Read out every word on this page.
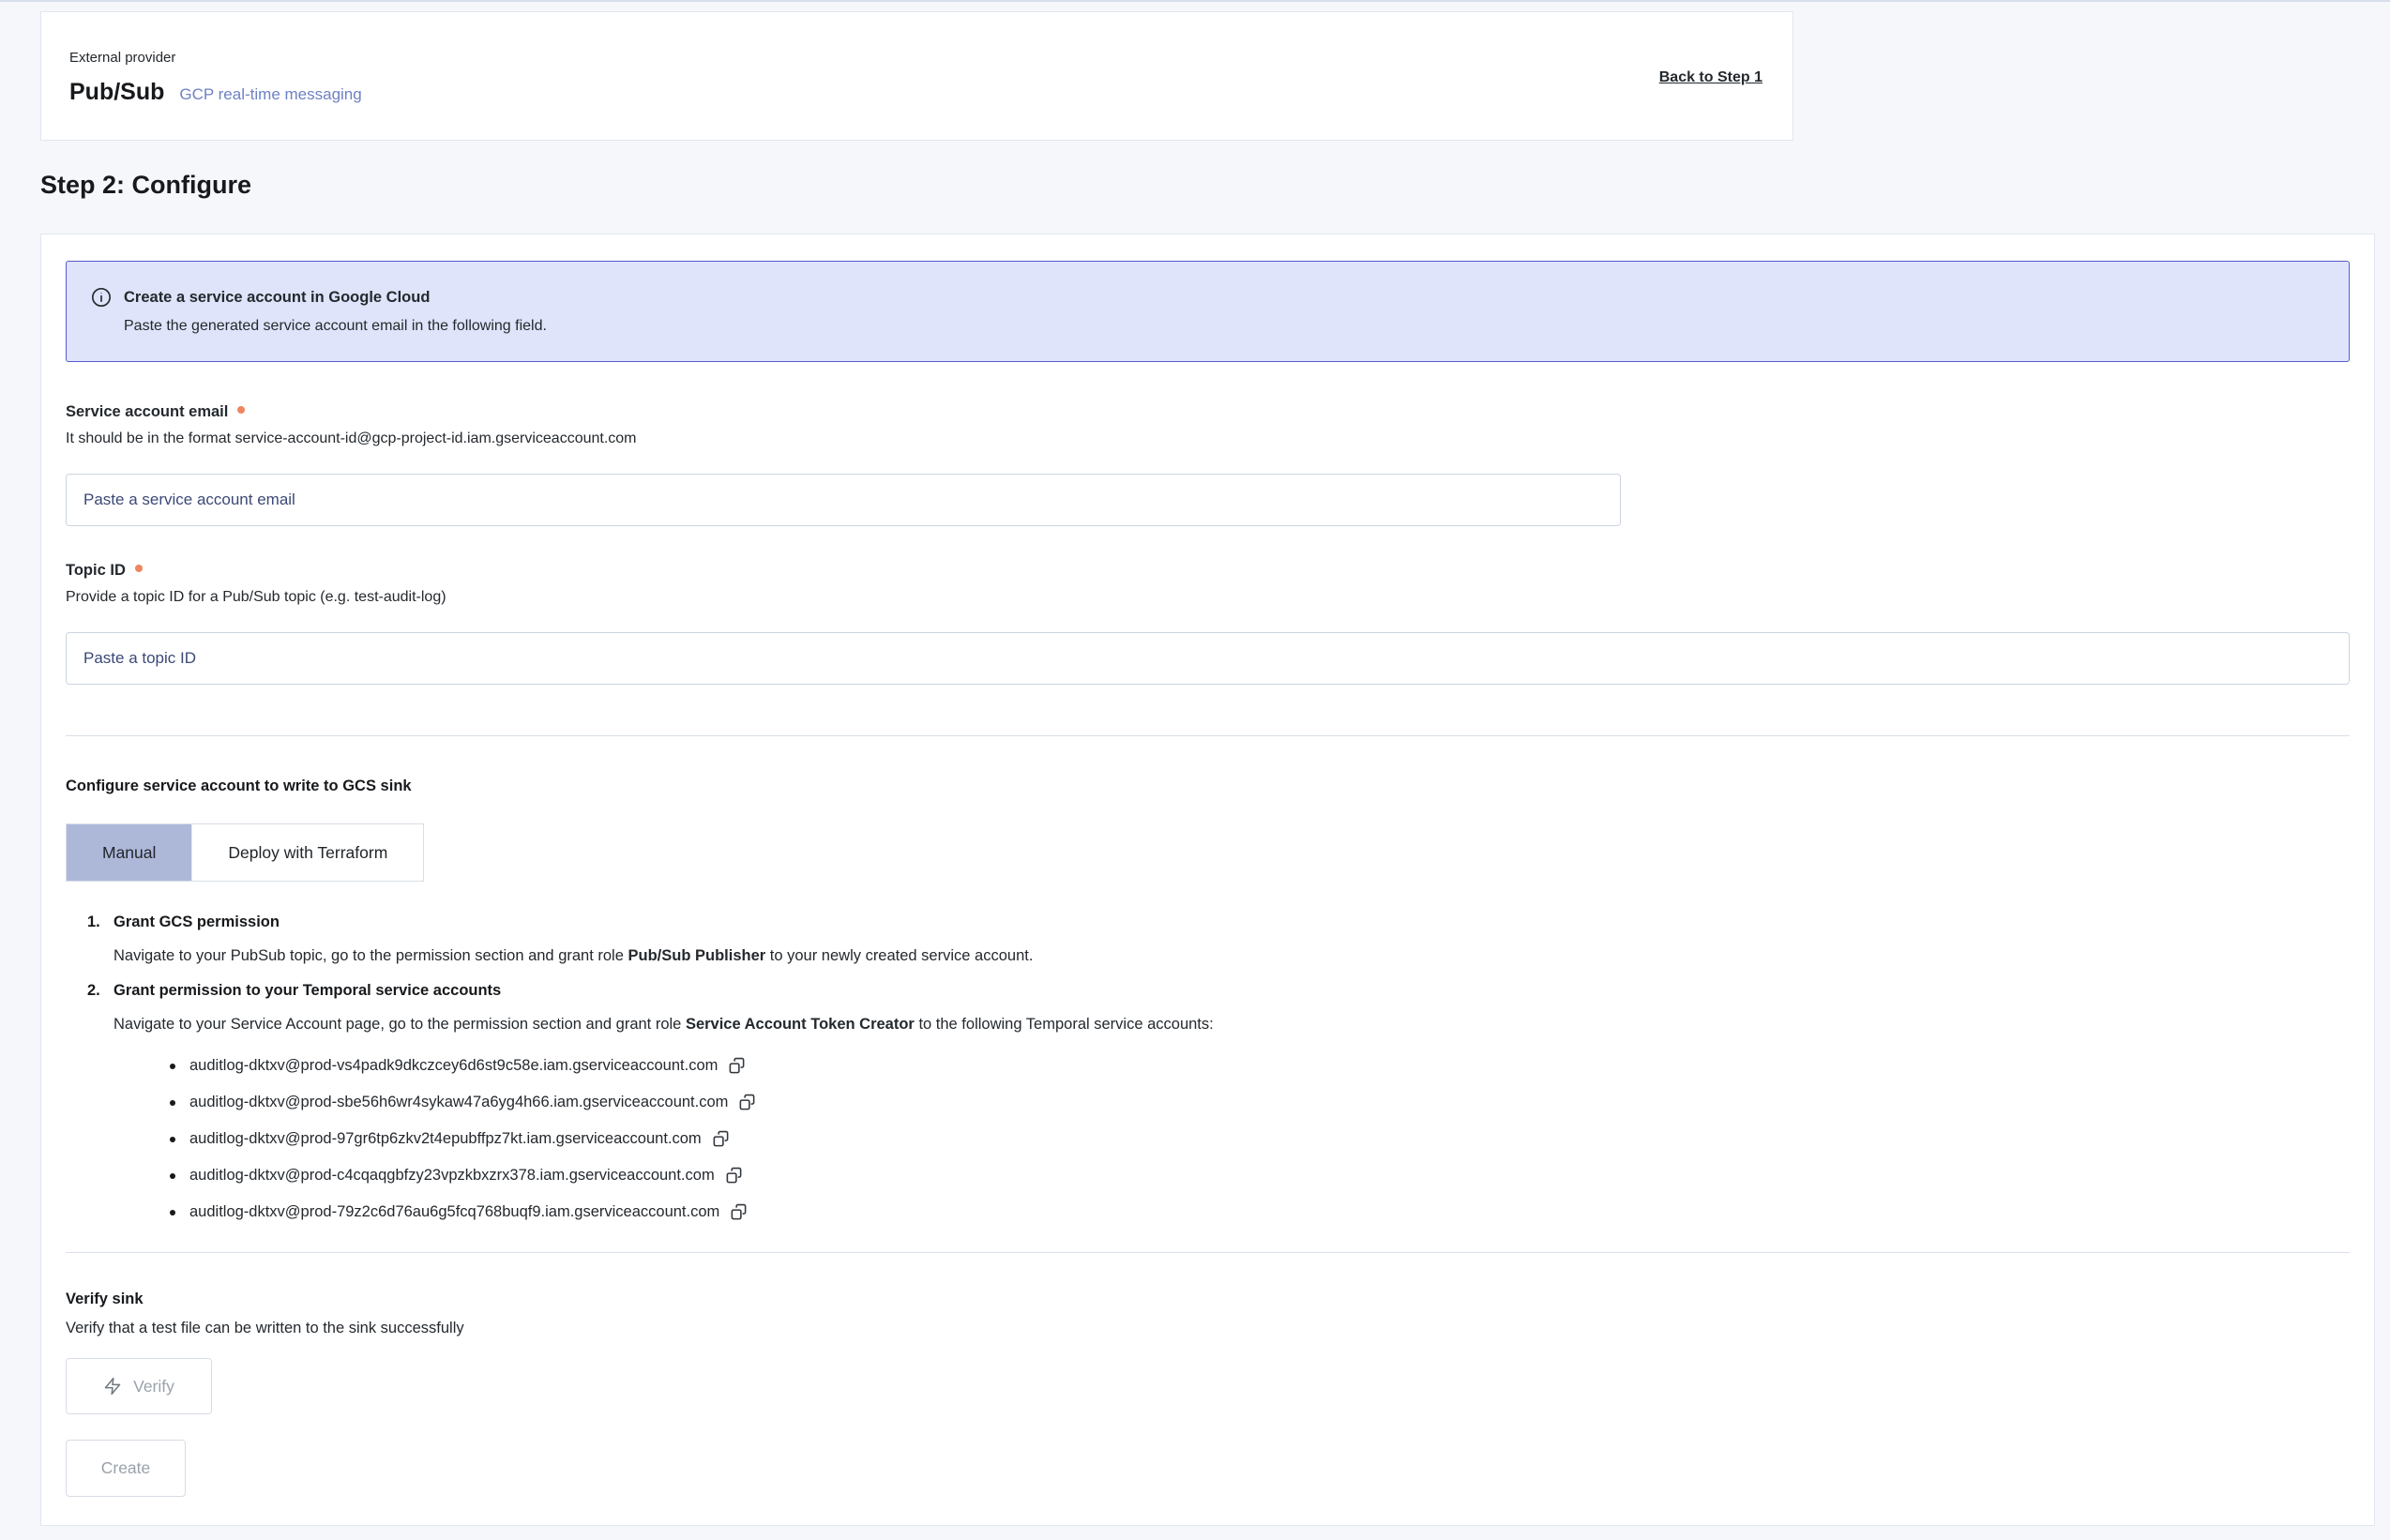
External provider
Pub/Sub GCP real-time messaging
Back to Step 1
Step 2: Configure
Create a service account in Google Cloud
Paste the generated service account email in the following field.
Service account email
It should be in the format service-account-id@gcp-project-id.iam.gserviceaccount.com
Paste a service account email
Topic ID
Provide a topic ID for a Pub/Sub topic (e.g. test-audit-log)
Paste a topic ID
Configure service account to write to GCS sink
Manual	Deploy with Terraform
1. Grant GCS permission
Navigate to your PubSub topic, go to the permission section and grant role Pub/Sub Publisher to your newly created service account.
2. Grant permission to your Temporal service accounts
Navigate to your Service Account page, go to the permission section and grant role Service Account Token Creator to the following Temporal service accounts:
auditlog-dktxv@prod-vs4padk9dkczcey6d6st9c58e.iam.gserviceaccount.com
auditlog-dktxv@prod-sbe56h6wr4sykaw47a6yg4h66.iam.gserviceaccount.com
auditlog-dktxv@prod-97gr6tp6zkv2t4epubffpz7kt.iam.gserviceaccount.com
auditlog-dktxv@prod-c4cqaqgbfzy23vpzkbxzrx378.iam.gserviceaccount.com
auditlog-dktxv@prod-79z2c6d76au6g5fcq768buqf9.iam.gserviceaccount.com
Verify sink
Verify that a test file can be written to the sink successfully
Verify
Create
